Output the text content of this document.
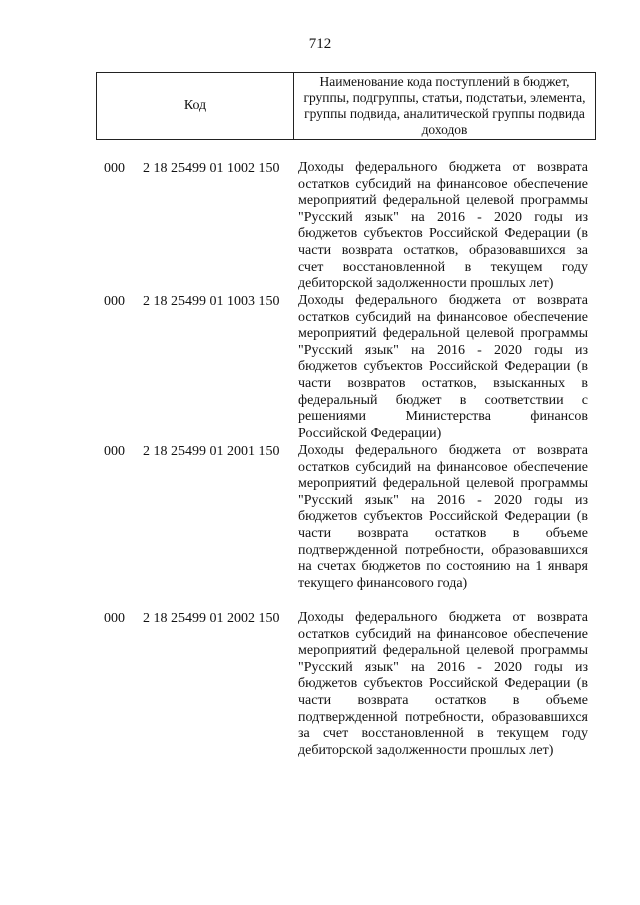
712
Код
Наименование кода поступлений в бюджет, группы, подгруппы, статьи, подстатьи, элемента, группы подвида, аналитической группы подвида доходов
000 2 18 25499 01 1002 150 Доходы федерального бюджета от возврата остатков субсидий на финансовое обеспечение мероприятий федеральной целевой программы "Русский язык" на 2016 - 2020 годы из бюджетов субъектов Российской Федерации (в части возврата остатков, образовавшихся за счет восстановленной в текущем году дебиторской задолженности прошлых лет)
000 2 18 25499 01 1003 150 Доходы федерального бюджета от возврата остатков субсидий на финансовое обеспечение мероприятий федеральной целевой программы "Русский язык" на 2016 - 2020 годы из бюджетов субъектов Российской Федерации (в части возвратов остатков, взысканных в федеральный бюджет в соответствии с решениями Министерства финансов Российской Федерации)
000 2 18 25499 01 2001 150 Доходы федерального бюджета от возврата остатков субсидий на финансовое обеспечение мероприятий федеральной целевой программы "Русский язык" на 2016 - 2020 годы из бюджетов субъектов Российской Федерации (в части возврата остатков в объеме подтвержденной потребности, образовавшихся на счетах бюджетов по состоянию на 1 января текущего финансового года)
000 2 18 25499 01 2002 150 Доходы федерального бюджета от возврата остатков субсидий на финансовое обеспечение мероприятий федеральной целевой программы "Русский язык" на 2016 - 2020 годы из бюджетов субъектов Российской Федерации (в части возврата остатков в объеме подтвержденной потребности, образовавшихся за счет восстановленной в текущем году дебиторской задолженности прошлых лет)
